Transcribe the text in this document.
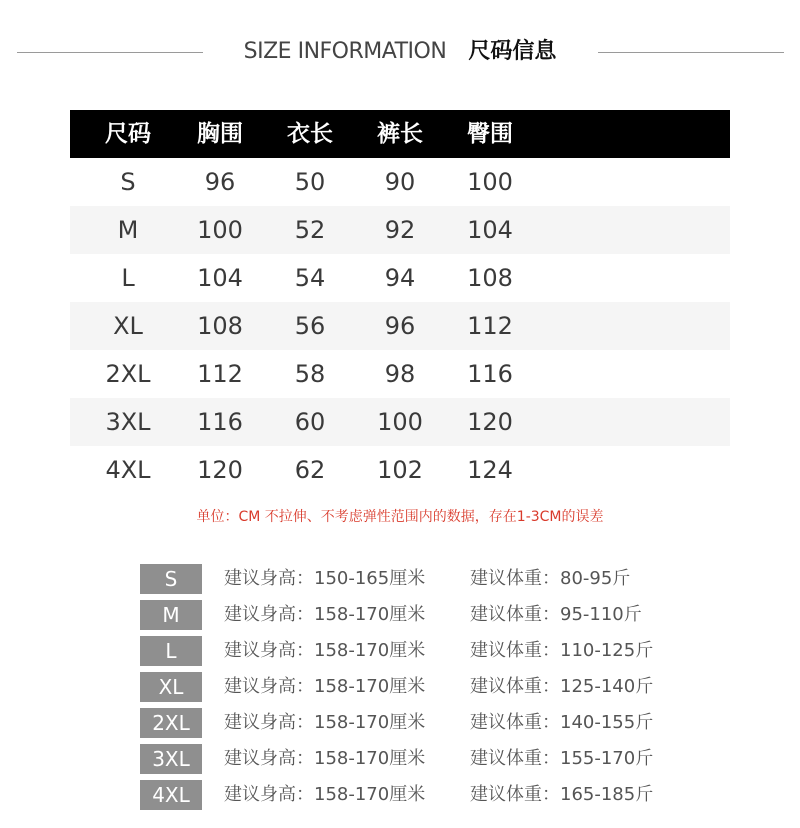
SIZE INFORMATION 尺码信息
尺码	胸围	衣长	裤长	臀围
S	96	50	90	100
M	100	52	92	104
L	104	54	94	108
XL	108	56	96	112
2XL	112	58	98	116
3XL	116	60	100	120
4XL	120	62	102	124
单位：CM 不拉伸、不考虑弹性范围内的数据，存在1-3CM的误差
S	建议身高：150-165厘米 建议体重：80-95斤
M	建议身高：158-170厘米 建议体重：95-110斤
L	建议身高：158-170厘米 建议体重：110-125斤
XL	建议身高：158-170厘米 建议体重：125-140斤
2XL	建议身高：158-170厘米 建议体重：140-155斤
3XL	建议身高：158-170厘米 建议体重：155-170斤
4XL	建议身高：158-170厘米 建议体重：165-185斤
